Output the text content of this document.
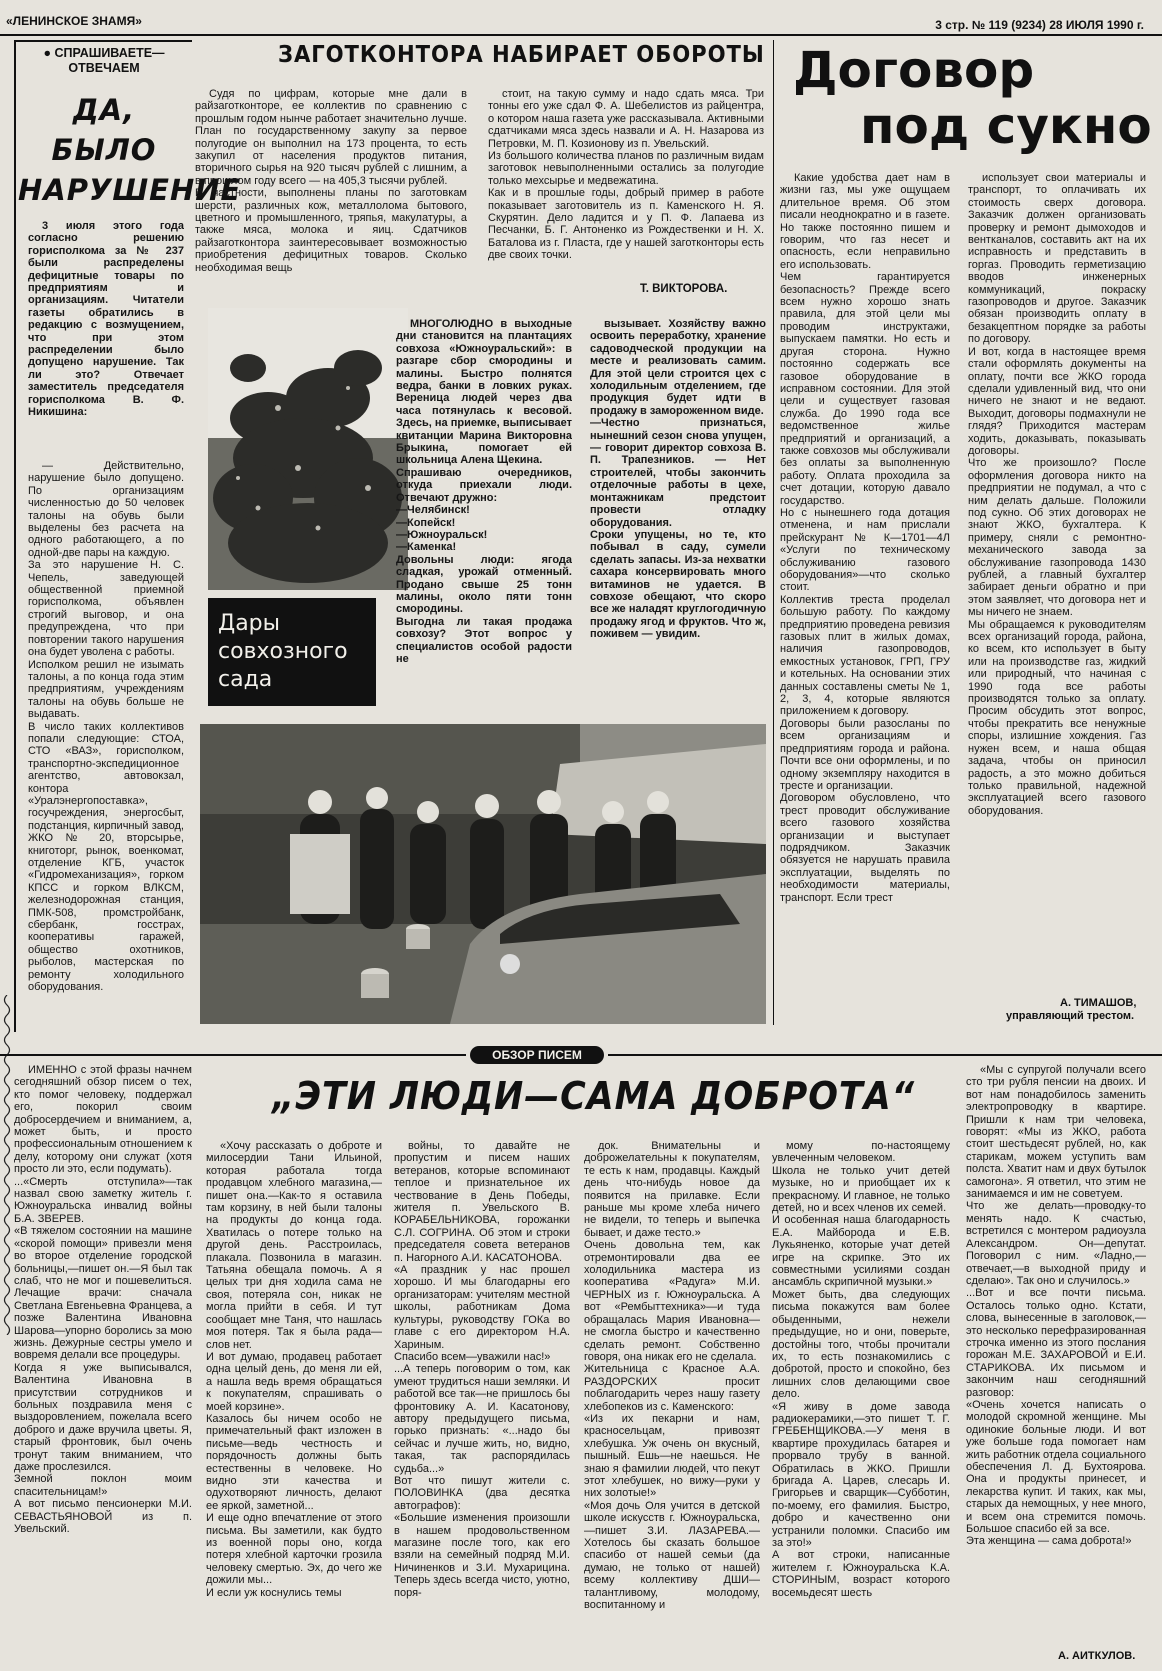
«ЛЕНИНСКОЕ ЗНАМЯ»	3 стр. № 119 (9234) 28 ИЮЛЯ 1990 г.
● СПРАШИВАЕТЕ— ОТВЕЧАЕМ
ДА, БЫЛО НАРУШЕНИЕ

3 июля этого года согласно решению горисполкома за № 237 были распределены дефицитные товары по предприятиям и организациям. Читатели газеты обратились в редакцию с возмущением, что при этом распределении было допущено нарушение. Так ли это? Отвечает заместитель председателя горисполкома В. Ф. Никишина:

— Действительно, нарушение было допущено. По организациям численностью до 50 человек талоны на обувь были выделены без расчета на одного работающего, а по одной-две пары на каждую.
За это нарушение Н. С. Чепель, заведующей общественной приемной горисполкома, объявлен строгий выговор, и она предупреждена, что при повторении такого нарушения она будет уволена с работы.
Исполком решил не изымать талоны, а по конца года этим предприятиям, учреждениям талоны на обувь больше не выдавать.
В число таких коллективов попали следующие: СТОА, СТО «ВАЗ», горисполком, транспортно-экспедиционное агентство, автовокзал, контора «Уралэнергопоставка», госучреждения, энергосбыт, подстанция, кирпичный завод, ЖКО № 20, вторсырье, книготорг, рынок, военкомат, отделение КГБ, участок «Гидромеханизация», горком КПСС и горком ВЛКСМ, железнодорожная станция, ПМК-508, промстройбанк, сбербанк, госстрах, кооперативы гаражей, общество охотников, рыболов, мастерская по ремонту холодильного оборудования.

ЗАГОТКОНТОРА НАБИРАЕТ ОБОРОТЫ

Судя по цифрам, которые мне дали в райзаготконторе, ее коллектив по сравнению с прошлым годом нынче работает значительно лучше. План по государственному закупу за первое полугодие он выполнил на 173 процента, то есть закупил от населения продуктов питания, вторичного сырья на 920 тысяч рублей с лишним, а в прошлом году всего — на 405,3 тысячи рублей.
В частности, выполнены планы по заготовкам шерсти, различных кож, металлолома бытового, цветного и промышленного, тряпья, макулатуры, а также мяса, молока и яиц. Сдатчиков райзаготконтора заинтересовывает возможностью приобретения дефицитных товаров. Сколько необходимая вещь

стоит, на такую сумму и надо сдать мяса. Три тонны его уже сдал Ф. А. Шебелистов из райцентра, о котором наша газета уже рассказывала. Активными сдатчиками мяса здесь назвали и А. Н. Назарова из Петровки, М. П. Козионову из п. Увельский.
Из большого количества планов по различным видам заготовок невыполненными остались за полугодие только мехсырье и медвежатина.
Как и в прошлые годы, добрый пример в работе показывает заготовитель из п. Каменского Н. Я. Скурятин. Дело ладится и у П. Ф. Лапаева из Песчанки, Б. Г. Антоненко из Рождественки и Н. Х. Баталова из г. Пласта, где у нашей заготконторы есть две своих точки.

Т. ВИКТОРОВА.
Договор
под сукно

Какие удобства дает нам в жизни газ, мы уже ощущаем длительное время. Об этом писали неоднократно и в газете. Но также постоянно пишем и говорим, что газ несет и опасность, если неправильно его использовать.
Чем гарантируется безопасность? Прежде всего всем нужно хорошо знать правила, для этой цели мы проводим инструктажи, выпускаем памятки. Но есть и другая сторона. Нужно постоянно содержать все газовое оборудование в исправном состоянии. Для этой цели и существует газовая служба. До 1990 года все ведомственное жилье предприятий и организаций, а также совхозов мы обслуживали без оплаты за выполненную работу. Оплата проходила за счет дотации, которую давало государство.
Но с нынешнего года дотация отменена, и нам прислали прейскурант № К—1701—4Л «Услуги по техническому обслуживанию газового оборудования»—что сколько стоит.
Коллектив треста проделал большую работу. По каждому предприятию проведена ревизия газовых плит в жилых домах, наличия газопроводов, емкостных установок, ГРП, ГРУ и котельных. На основании этих данных составлены сметы № 1, 2, 3, 4, которые являются приложением к договору.
Договоры были разосланы по всем организациям и предприятиям города и района. Почти все они оформлены, и по одному экземпляру находится в тресте и организации.
Договором обусловлено, что трест проводит обслуживание всего газового хозяйства организации и выступает подрядчиком. Заказчик обязуется не нарушать правила эксплуатации, выделять по необходимости материалы, транспорт. Если трест

использует свои материалы и транспорт, то оплачивать их стоимость сверх договора. Заказчик должен организовать проверку и ремонт дымоходов и вентканалов, составить акт на их исправность и представить в горгаз. Проводить герметизацию вводов инженерных коммуникаций, покраску газопроводов и другое. Заказчик обязан производить оплату в безакцептном порядке за работы по договору.
И вот, когда в настоящее время стали оформлять документы на оплату, почти все ЖКО города сделали удивленный вид, что они ничего не знают и не ведают. Выходит, договоры подмахнули не глядя? Приходится мастерам ходить, доказывать, показывать договоры.
Что же произошло? После оформления договора никто на предприятии не подумал, а что с ним делать дальше. Положили под сукно. Об этих договорах не знают ЖКО, бухгалтера. К примеру, сняли с ремонтно-механического завода за обслуживание газопровода 1430 рублей, а главный бухгалтер забирает деньги обратно и при этом заявляет, что договора нет и мы ничего не знаем.
Мы обращаемся к руководителям всех организаций города, района, ко всем, кто использует в быту или на производстве газ, жидкий или природный, что начиная с 1990 года все работы производятся только за оплату. Просим обсудить этот вопрос, чтобы прекратить все ненужные споры, излишние хождения. Газ нужен всем, и наша общая задача, чтобы он приносил радость, а это можно добиться только правильной, надежной эксплуатацией всего газового оборудования.

А. ТИМАШОВ,
управляющий трестом.
Дары совхозного сада

МНОГОЛЮДНО в выходные дни становится на плантациях совхоза «Южноуральский»: в разгаре сбор смородины и малины. Быстро полнятся ведра, банки в ловких руках. Вереница людей через два часа потянулась к весовой. Здесь, на приемке, выписывает квитанции Марина Викторовна Брыкина, помогает ей школьница Алена Щекина.
Спрашиваю очередников, откуда приехали люди. Отвечают дружно:
—Челябинск!
—Копейск!
—Южноуральск!
—Каменка!
Довольны люди: ягода сладкая, урожай отменный. Продано свыше 25 тонн малины, около пяти тонн смородины.
Выгодна ли такая продажа совхозу? Этот вопрос у специалистов особой радости не

вызывает. Хозяйству важно освоить переработку, хранение садоводческой продукции на месте и реализовать самим. Для этой цели строится цех с холодильным отделением, где продукция будет идти в продажу в замороженном виде.
—Честно признаться, нынешний сезон снова упущен, — говорит директор совхоза В. П. Трапезников. — Нет строителей, чтобы закончить отделочные работы в цехе, монтажникам предстоит провести отладку оборудования.
Сроки упущены, но те, кто побывал в саду, сумели сделать запасы. Из-за нехватки сахара консервировать много витаминов не удается. В совхозе обещают, что скоро все же наладят круглогодичную продажу ягод и фруктов. Что ж, поживем — увидим.

ОБЗОР ПИСЕМ
„ЭТИ ЛЮДИ—САМА ДОБРОТА“

ИМЕННО с этой фразы начнем сегодняшний обзор писем о тех, кто помог человеку, поддержал его, покорил своим добросердечием и вниманием, а, может быть, и просто профессиональным отношением к делу, которому они служат (хотя просто ли это, если подумать).
...«Смерть отступила»—так назвал свою заметку житель г. Южноуральска инвалид войны Б.А. ЗВЕРЕВ.
«В тяжелом состоянии на машине «скорой помощи» привезли меня во второе отделение городской больницы,—пишет он.—Я был так слаб, что не мог и пошевелиться. Лечащие врачи: сначала Светлана Евгеньевна Францева, а позже Валентина Ивановна Шарова—упорно боролись за мою жизнь. Дежурные сестры умело и вовремя делали все процедуры.
Когда я уже выписывался, Валентина Ивановна в присутствии сотрудников и больных поздравила меня с выздоровлением, пожелала всего доброго и даже вручила цветы. Я, старый фронтовик, был очень тронут таким вниманием, что даже прослезился.
Земной поклон моим спасительницам!»
А вот письмо пенсионерки М.И. СЕВАСТЬЯНОВОЙ из п. Увельский.

«Хочу рассказать о доброте и милосердии Тани Ильиной, которая работала тогда продавцом хлебного магазина,—пишет она.—Как-то я оставила там корзину, в ней были талоны на продукты до конца года. Хватилась о потере только на другой день. Расстроилась, плакала. Позвонила в магазин. Татьяна обещала помочь. А я целых три дня ходила сама не своя, потеряла сон, никак не могла прийти в себя. И тут сообщает мне Таня, что нашлась моя потеря. Так я была рада—слов нет.
И вот думаю, продавец работает одна целый день, до меня ли ей, а нашла ведь время обращаться к покупателям, спрашивать о моей корзине».
Казалось бы ничем особо не примечательный факт изложен в письме—ведь честность и порядочность должны быть естественны в человеке. Но видно эти качества и одухотворяют личность, делают ее яркой, заметной...
И еще одно впечатление от этого письма. Вы заметили, как будто из военной поры оно, когда потеря хлебной карточки грозила человеку смертью. Эх, до чего же дожили мы...
И если уж коснулись темы

войны, то давайте не пропустим и писем наших ветеранов, которые вспоминают теплое и признательное их чествование в День Победы, жителя п. Увельского В. КОРАБЕЛЬНИКОВА, горожанки С.Л. СОГРИНА. Об этом и строки председателя совета ветеранов п. Нагорного А.И. КАСАТОНОВА.
«А праздник у нас прошел хорошо. И мы благодарны его организаторам: учителям местной школы, работникам Дома культуры, руководству ГОКа во главе с его директором Н.А. Хариным.
Спасибо всем—уважили нас!»
...А теперь поговорим о том, как умеют трудиться наши земляки. И работой все так—не пришлось бы фронтовику А. И. Касатонову, автору предыдущего письма, горько признать: «...надо бы сейчас и лучше жить, но, видно, такая, так распорядилась судьба...»
Вот что пишут жители с. ПОЛОВИНКА (два десятка автографов):
«Большие изменения произошли в нашем продовольственном магазине после того, как его взяли на семейный подряд М.И. Ничиненков и З.И. Мухарицина. Теперь здесь всегда чисто, уютно, поря-

док. Внимательны и доброжелательны к покупателям, те есть к нам, продавцы. Каждый день что-нибудь новое да появится на прилавке. Если раньше мы кроме хлеба ничего не видели, то теперь и выпечка бывает, и даже тесто.»
Очень довольна тем, как отремонтировали два ее холодильника мастера из кооператива «Радуга» М.И. ЧЕРНЫХ из г. Южноуральска. А вот «Рембыттехника»—и туда обращалась Мария Ивановна—не смогла быстро и качественно сделать ремонт. Собственно говоря, она никак его не сделала.
Жительница с Красное А.А. РАЗДОРСКИХ просит поблагодарить через нашу газету хлебопеков из с. Каменского:
«Из их пекарни и нам, красносельцам, привозят хлебушка. Уж очень он вкусный, пышный. Ешь—не наешься. Не знаю я фамилии людей, что пекут этот хлебушек, но вижу—руки у них золотые!»
«Моя дочь Оля учится в детской школе искусств г. Южноуральска,—пишет З.И. ЛАЗАРЕВА.—Хотелось бы сказать большое спасибо от нашей семьи (да думаю, не только от нашей) всему коллективу ДШИ—талантливому, молодому, воспитанному и

мому по-настоящему увлеченным человеком.
Школа не только учит детей музыке, но и приобщает их к прекрасному. И главное, не только детей, но и всех членов их семей.
И особенная наша благодарность Е.А. Майборода и Е.В. Лукьяненко, которые учат детей игре на скрипке. Это их совместными усилиями создан ансамбль скрипичной музыки.»
Может быть, два следующих письма покажутся вам более обыденными, нежели предыдущие, но и они, поверьте, достойны того, чтобы прочитали их, то есть познакомились с добротой, просто и спокойно, без лишних слов делающими свое дело.
«Я живу в доме завода радиокерамики,—это пишет Т. Г. ГРЕБЕНЩИКОВА.—У меня в квартире прохудилась батарея и прорвало трубу в ванной. Обратилась в ЖКО. Пришли бригада А. Царев, слесарь И. Григорьев и сварщик—Субботин, по-моему, его фамилия. Быстро, добро и качественно они устранили поломки. Спасибо им за это!»
А вот строки, написанные жителем г. Южноуральска К.А. СТОРИНЫМ, возраст которого восемьдесят шесть

«Мы с супругой получали всего сто три рубля пенсии на двоих. И вот нам понадобилось заменить электропроводку в квартире. Пришли к нам три человека, говорят: «Мы из ЖКО, работа стоит шестьдесят рублей, но, как старикам, можем уступить вам полста. Хватит нам и двух бутылок самогона». Я ответил, что этим не занимаемся и им не советуем.
Что же делать—проводку-то менять надо. К счастью, встретился с монтером радиоузла Александром. Он—депутат. Поговорил с ним. «Ладно,—отвечает,—в выходной приду и сделаю». Так оно и случилось.»
...Вот и все почти письма. Осталось только одно. Кстати, слова, вынесенные в заголовок,—это несколько перефразированная строчка именно из этого послания горожан М.Е. ЗАХАРОВОЙ и Е.И. СТАРИКОВА. Их письмом и закончим наш сегодняшний разговор:
«Очень хочется написать о молодой скромной женщине. Мы одинокие больные люди. И вот уже больше года помогает нам жить работник отдела социального обеспечения Л. Д. Бухтоярова. Она и продукты принесет, и лекарства купит. И таких, как мы, старых да немощных, у нее много, и всем она стремится помочь. Большое спасибо ей за все.
Эта женщина — сама доброта!»

А. АИТКУЛОВ.
